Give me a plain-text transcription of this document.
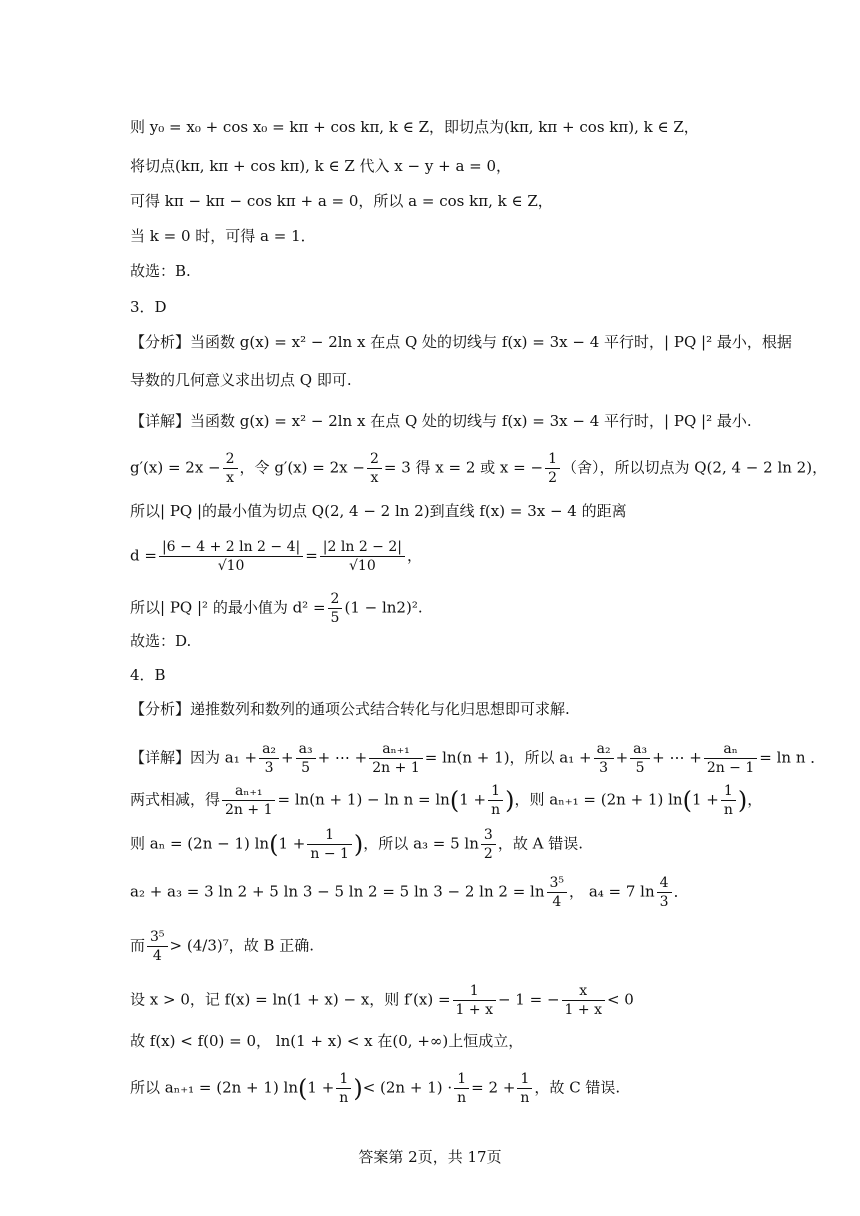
则 y₀ = x₀ + cos x₀ = kπ + cos kπ, k ∈ Z，即切点为(kπ, kπ + cos kπ), k ∈ Z，
将切点(kπ, kπ + cos kπ), k ∈ Z 代入 x − y + a = 0，
可得 kπ − kπ − cos kπ + a = 0，所以 a = cos kπ, k ∈ Z，
当 k = 0 时，可得 a = 1．
故选：B.
3．D
【分析】当函数 g(x) = x² − 2ln x 在点 Q 处的切线与 f(x) = 3x − 4 平行时，| PQ |² 最小，根据
导数的几何意义求出切点 Q 即可.
【详解】当函数 g(x) = x² − 2ln x 在点 Q 处的切线与 f(x) = 3x − 4 平行时，| PQ |² 最小.
$g'(x) = 2x - \frac{2}{x}$ ，令 $g'(x) = 2x - \frac{2}{x} = 3$ 得 x = 2 或 x = − $\frac{1}{2}$ （舍），所以切点为 Q(2, 4 − 2 ln 2)，
所以| PQ |的最小值为切点 Q(2, 4 − 2 ln 2)到直线 f(x) = 3x − 4 的距离
$d = \frac{|6 - 4 + 2 \ln 2 - 4|}{√10} = \frac{|2 \ln 2 - 2|}{√10}$ ，
所以| PQ |² 的最小值为 $d^2 = \frac{2}{5} (1 - \ln 2)^2$.
故选：D.
4．B
【分析】递推数列和数列的通项公式结合转化与化归思想即可求解.
【详解】因为 $a_1 + \frac{\text{a₂}}{3} + \frac{\text{a₃}}{5}$ + ⋯ + $\frac{\text{aₙ₊₁}}{2n + 1} = \ln(n + 1)$，所以 $a_1 + \frac{\text{a₂}}{3} + \frac{\text{a₃}}{5}$ + ⋯ + $\frac{\text{aₙ}}{2n - 1} = \ln n$ ．
两式相减，得 $\frac{\text{aₙ₊₁}}{2n + 1} = \ln(n + 1) - \ln n = \ln(1 + \frac{1}{n}$ )，则 aₙ₊₁ = (2n + 1) $\ln(1 + \frac{1}{n}$ )，
则 aₙ = (2n − 1) $\ln(1 + \frac{1}{n - 1}$ )，所以 a₃ = 5 $\ln \frac{3}{2}$ ，故 A 错误.
a₂ + a₃ = 3 ln 2 + 5 ln 3 − 5 ln 2 = 5 ln 3 − 2 $\ln 2 = \ln \frac{\text{3⁵}}{4}$ ， a₄ = 7 $\ln \frac{4}{3}$ ．
而 $\frac{\text{3⁵}}{4} > (4/3)^7$，故 B 正确.
设 x > 0，记 f(x) = ln(1 + x) − x，则 $f'(x) = \frac{1}{1 + x} - 1$ = − $\frac{x}{1 + x} < 0$
故 f(x) < f(0) = 0， ln(1 + x) < x 在(0, +∞)上恒成立，
所以 aₙ₊₁ = (2n + 1) $\ln(1 + \frac{1}{n}$ )< $(2n + 1) \cdot \frac{1}{n} = 2 + \frac{1}{n}$ ，故 C 错误.
答案第 2页，共 17页
